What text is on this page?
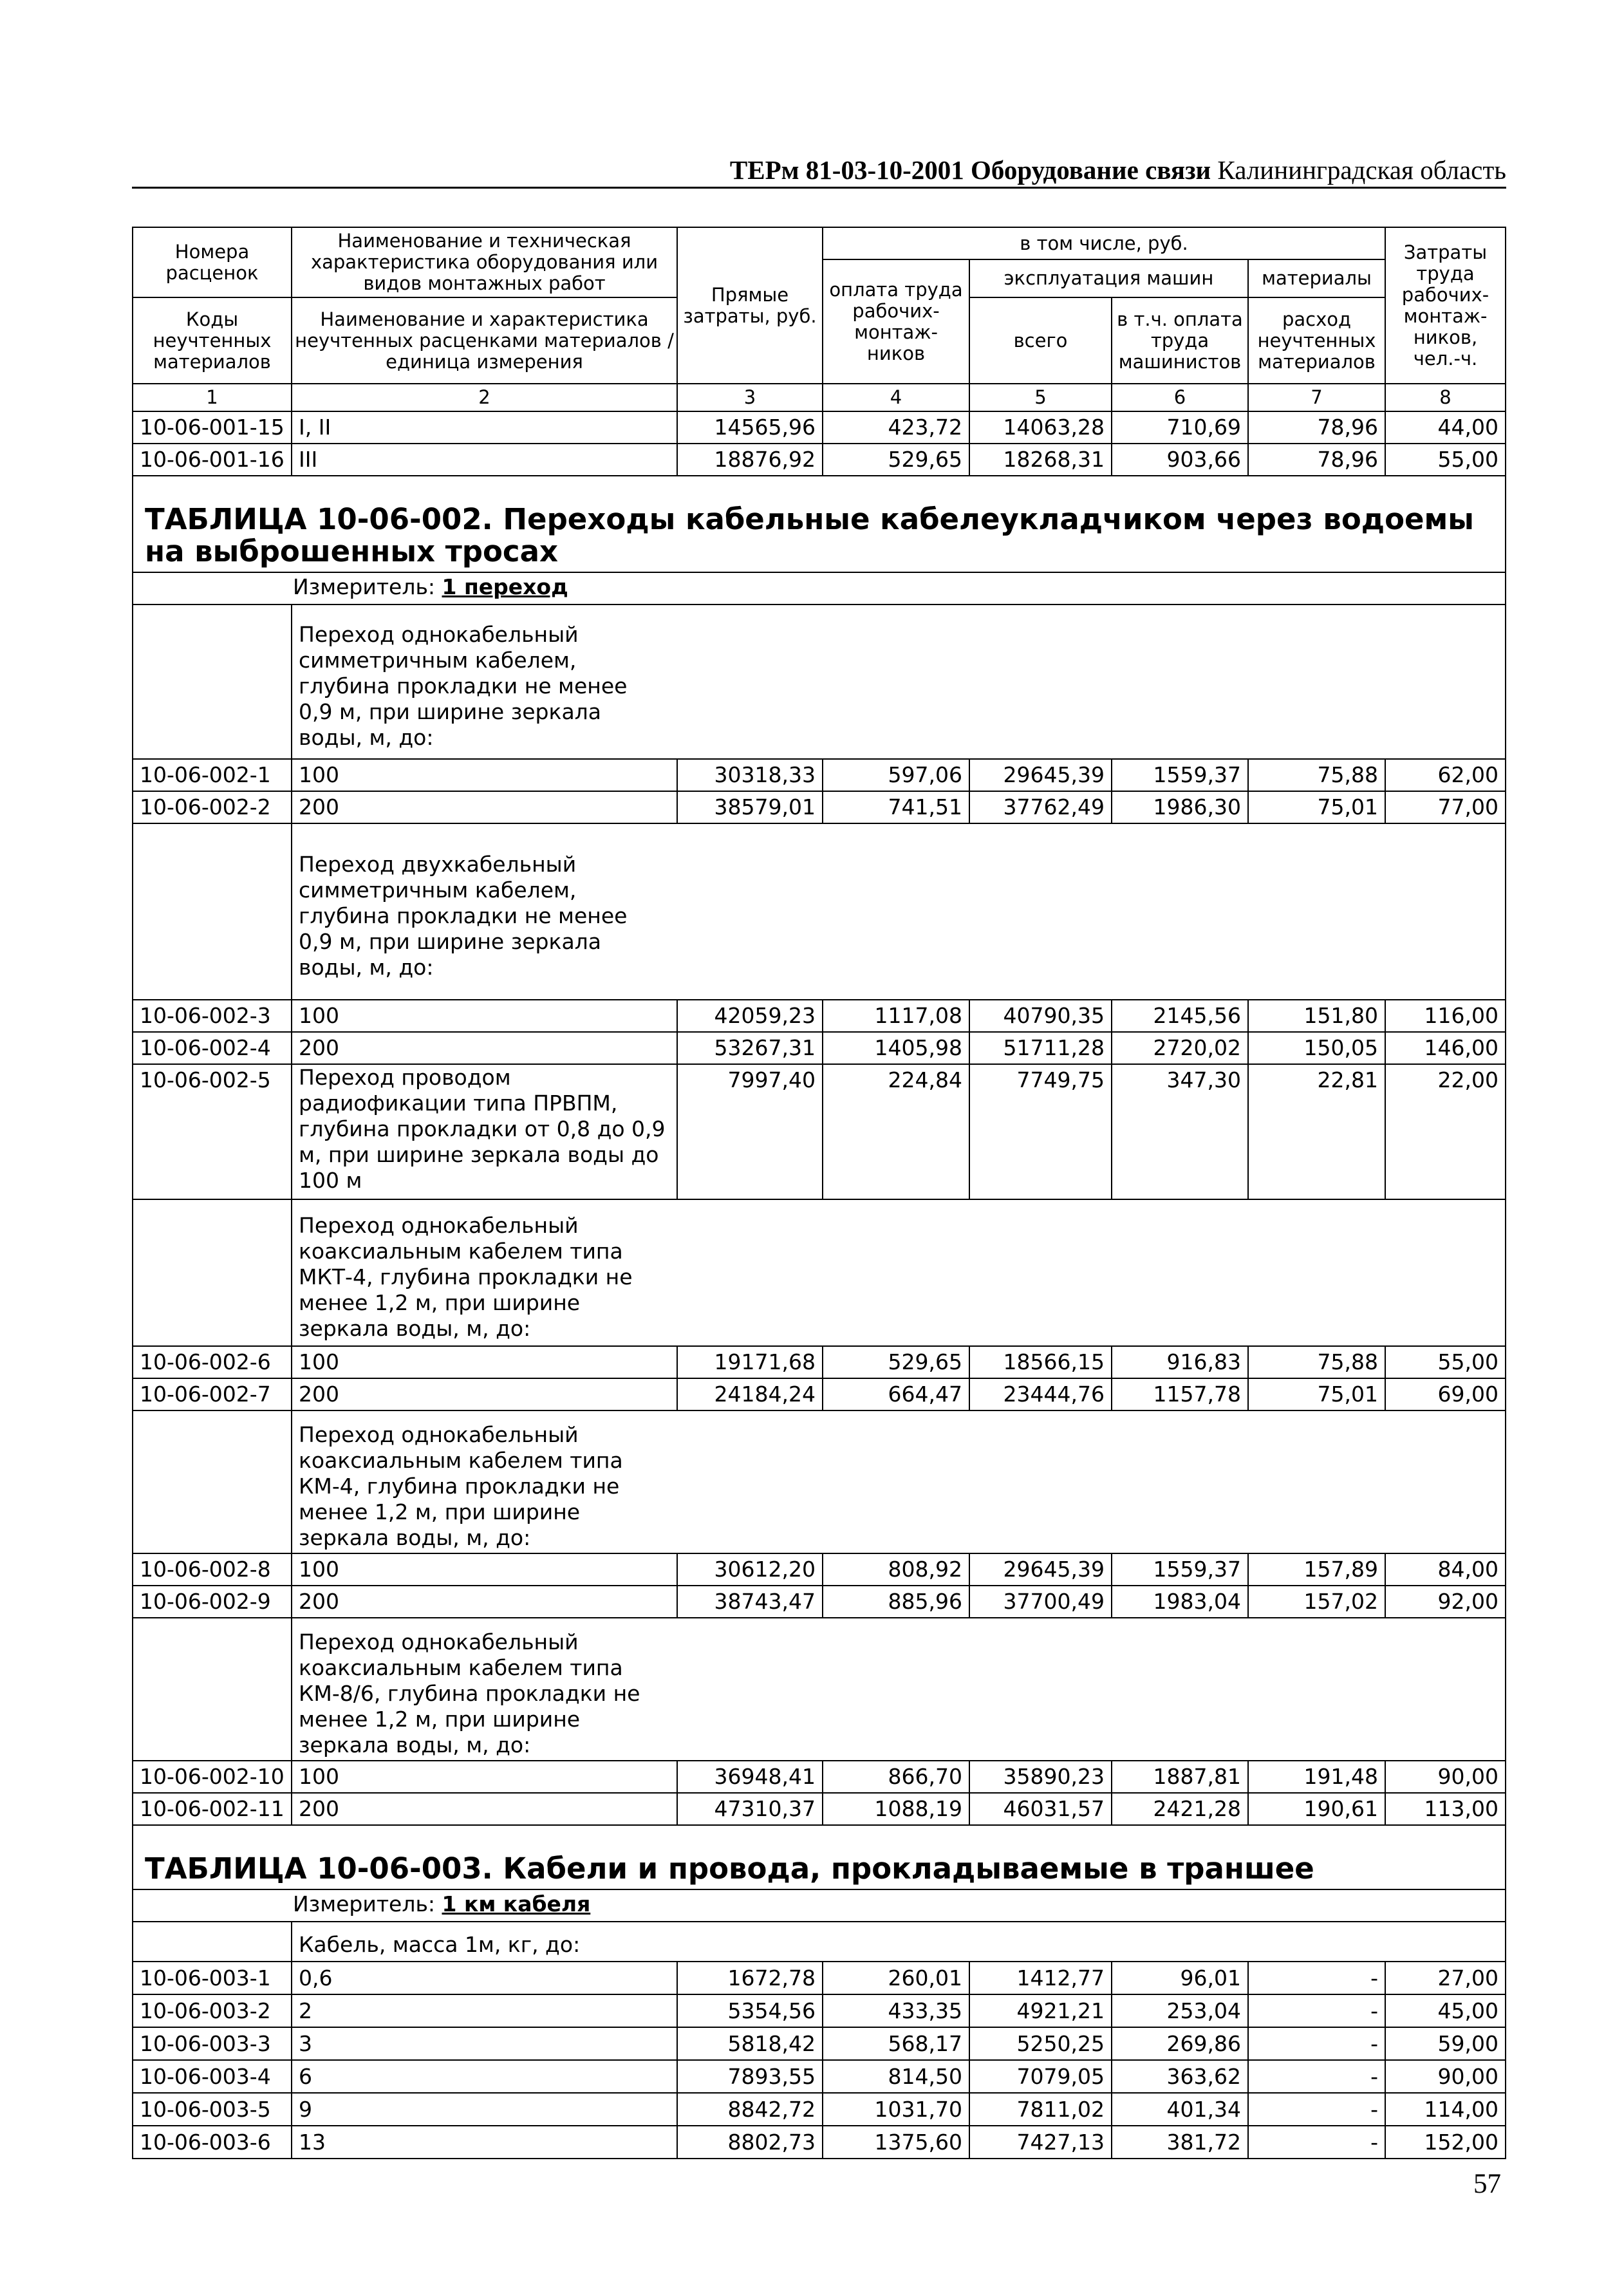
ТЕРм 81-03-10-2001 Оборудование связи Калининградская область
Номера расценок	Наименование и техническая характеристика оборудования или видов монтажных работ	Прямые затраты, руб.	в том числе, руб.				Затраты труда рабочих-монтаж-ников, чел.-ч.
			оплата труда рабочих-монтаж-ников	эксплуатация машин		материалы	
Коды неучтенных материалов	Наименование и характеристика неучтенных расценками материалов / единица измерения			всего	в т.ч. оплата труда машинистов	расход неучтенных материалов	

1	2	3	4	5	6	7	8
10-06-001-15	I, II	14565,96	423,72	14063,28	710,69	78,96	44,00
10-06-001-16	III	18876,92	529,65	18268,31	903,66	78,96	55,00
ТАБЛИЦА 10-06-002. Переходы кабельные кабелеукладчиком через водоемы на выброшенных тросах							
Измеритель: 1 переход							

	Переход однокабельный симметричным кабелем, глубина прокладки не менее 0,9 м, при ширине зеркала воды, м, до:						

10-06-002-1	100	30318,33	597,06	29645,39	1559,37	75,88	62,00
10-06-002-2	200	38579,01	741,51	37762,49	1986,30	75,01	77,00

	Переход двухкабельный симметричным кабелем, глубина прокладки не менее 0,9 м, при ширине зеркала воды, м, до:						

10-06-002-3	100	42059,23	1117,08	40790,35	2145,56	151,80	116,00
10-06-002-4	200	53267,31	1405,98	51711,28	2720,02	150,05	146,00
10-06-002-5	Переход проводом радиофикации типа ПРВПМ, глубина прокладки от 0,8 до 0,9 м, при ширине зеркала воды до 100 м	7997,40	224,84	7749,75	347,30	22,81	22,00

	Переход однокабельный коаксиальным кабелем типа МКТ-4, глубина прокладки не менее 1,2 м, при ширине зеркала воды, м, до:						

10-06-002-6	100	19171,68	529,65	18566,15	916,83	75,88	55,00
10-06-002-7	200	24184,24	664,47	23444,76	1157,78	75,01	69,00

	Переход однокабельный коаксиальным кабелем типа КМ-4, глубина прокладки не менее 1,2 м, при ширине зеркала воды, м, до:						

10-06-002-8	100	30612,20	808,92	29645,39	1559,37	157,89	84,00
10-06-002-9	200	38743,47	885,96	37700,49	1983,04	157,02	92,00

	Переход однокабельный коаксиальным кабелем типа КМ-8/6, глубина прокладки не менее 1,2 м, при ширине зеркала воды, м, до:						

10-06-002-10	100	36948,41	866,70	35890,23	1887,81	191,48	90,00
10-06-002-11	200	47310,37	1088,19	46031,57	2421,28	190,61	113,00
ТАБЛИЦА 10-06-003. Кабели и провода, прокладываемые в траншее							
Измеритель: 1 км кабеля							

	Кабель, масса 1м, кг, до:						

10-06-003-1	0,6	1672,78	260,01	1412,77	96,01	-	27,00
10-06-003-2	2	5354,56	433,35	4921,21	253,04	-	45,00
10-06-003-3	3	5818,42	568,17	5250,25	269,86	-	59,00
10-06-003-4	6	7893,55	814,50	7079,05	363,62	-	90,00
10-06-003-5	9	8842,72	1031,70	7811,02	401,34	-	114,00
10-06-003-6	13	8802,73	1375,60	7427,13	381,72	-	152,00
57
